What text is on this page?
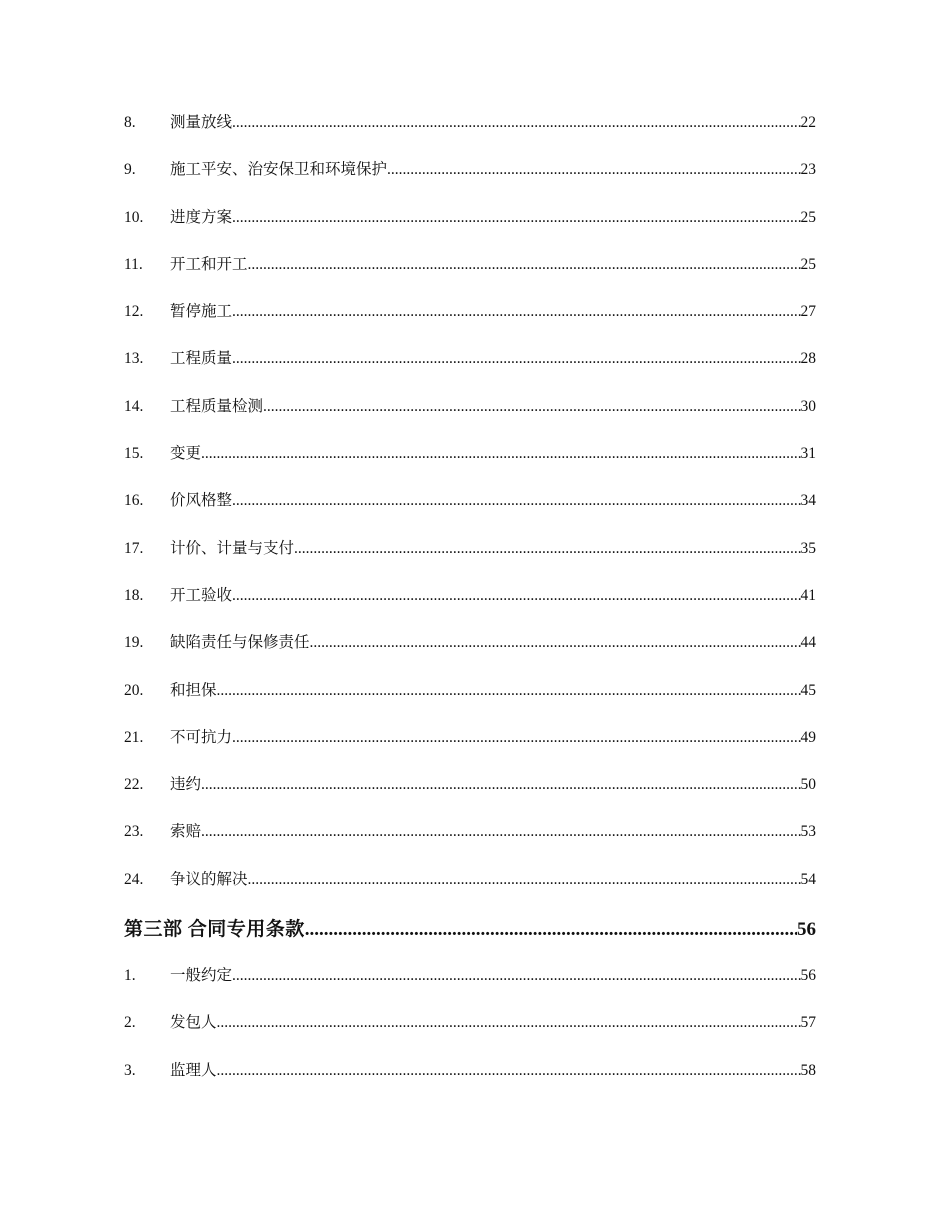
8.	测量放线 .....	22
9.	施工平安、治安保卫和环境保护 .....	23
10.	进度方案 .....	25
11.	开工和开工 .....	25
12.	暂停施工 .....	27
13.	工程质量 .....	28
14.	工程质量检测 .....	30
15.	变更 .....	31
16.	价风格整 .....	34
17.	计价、计量与支付 .....	35
18.	开工验收 .....	41
19.	缺陷责任与保修责任 .....	44
20.	和担保 .....	45
21.	不可抗力 .....	49
22.	违约 .....	50
23.	索赔 .....	53
24.	争议的解决 .....	54
第三部 合同专用条款 .....	56
1.	一般约定 .....	56
2.	发包人 .....	57
3.	监理人 .....	58
